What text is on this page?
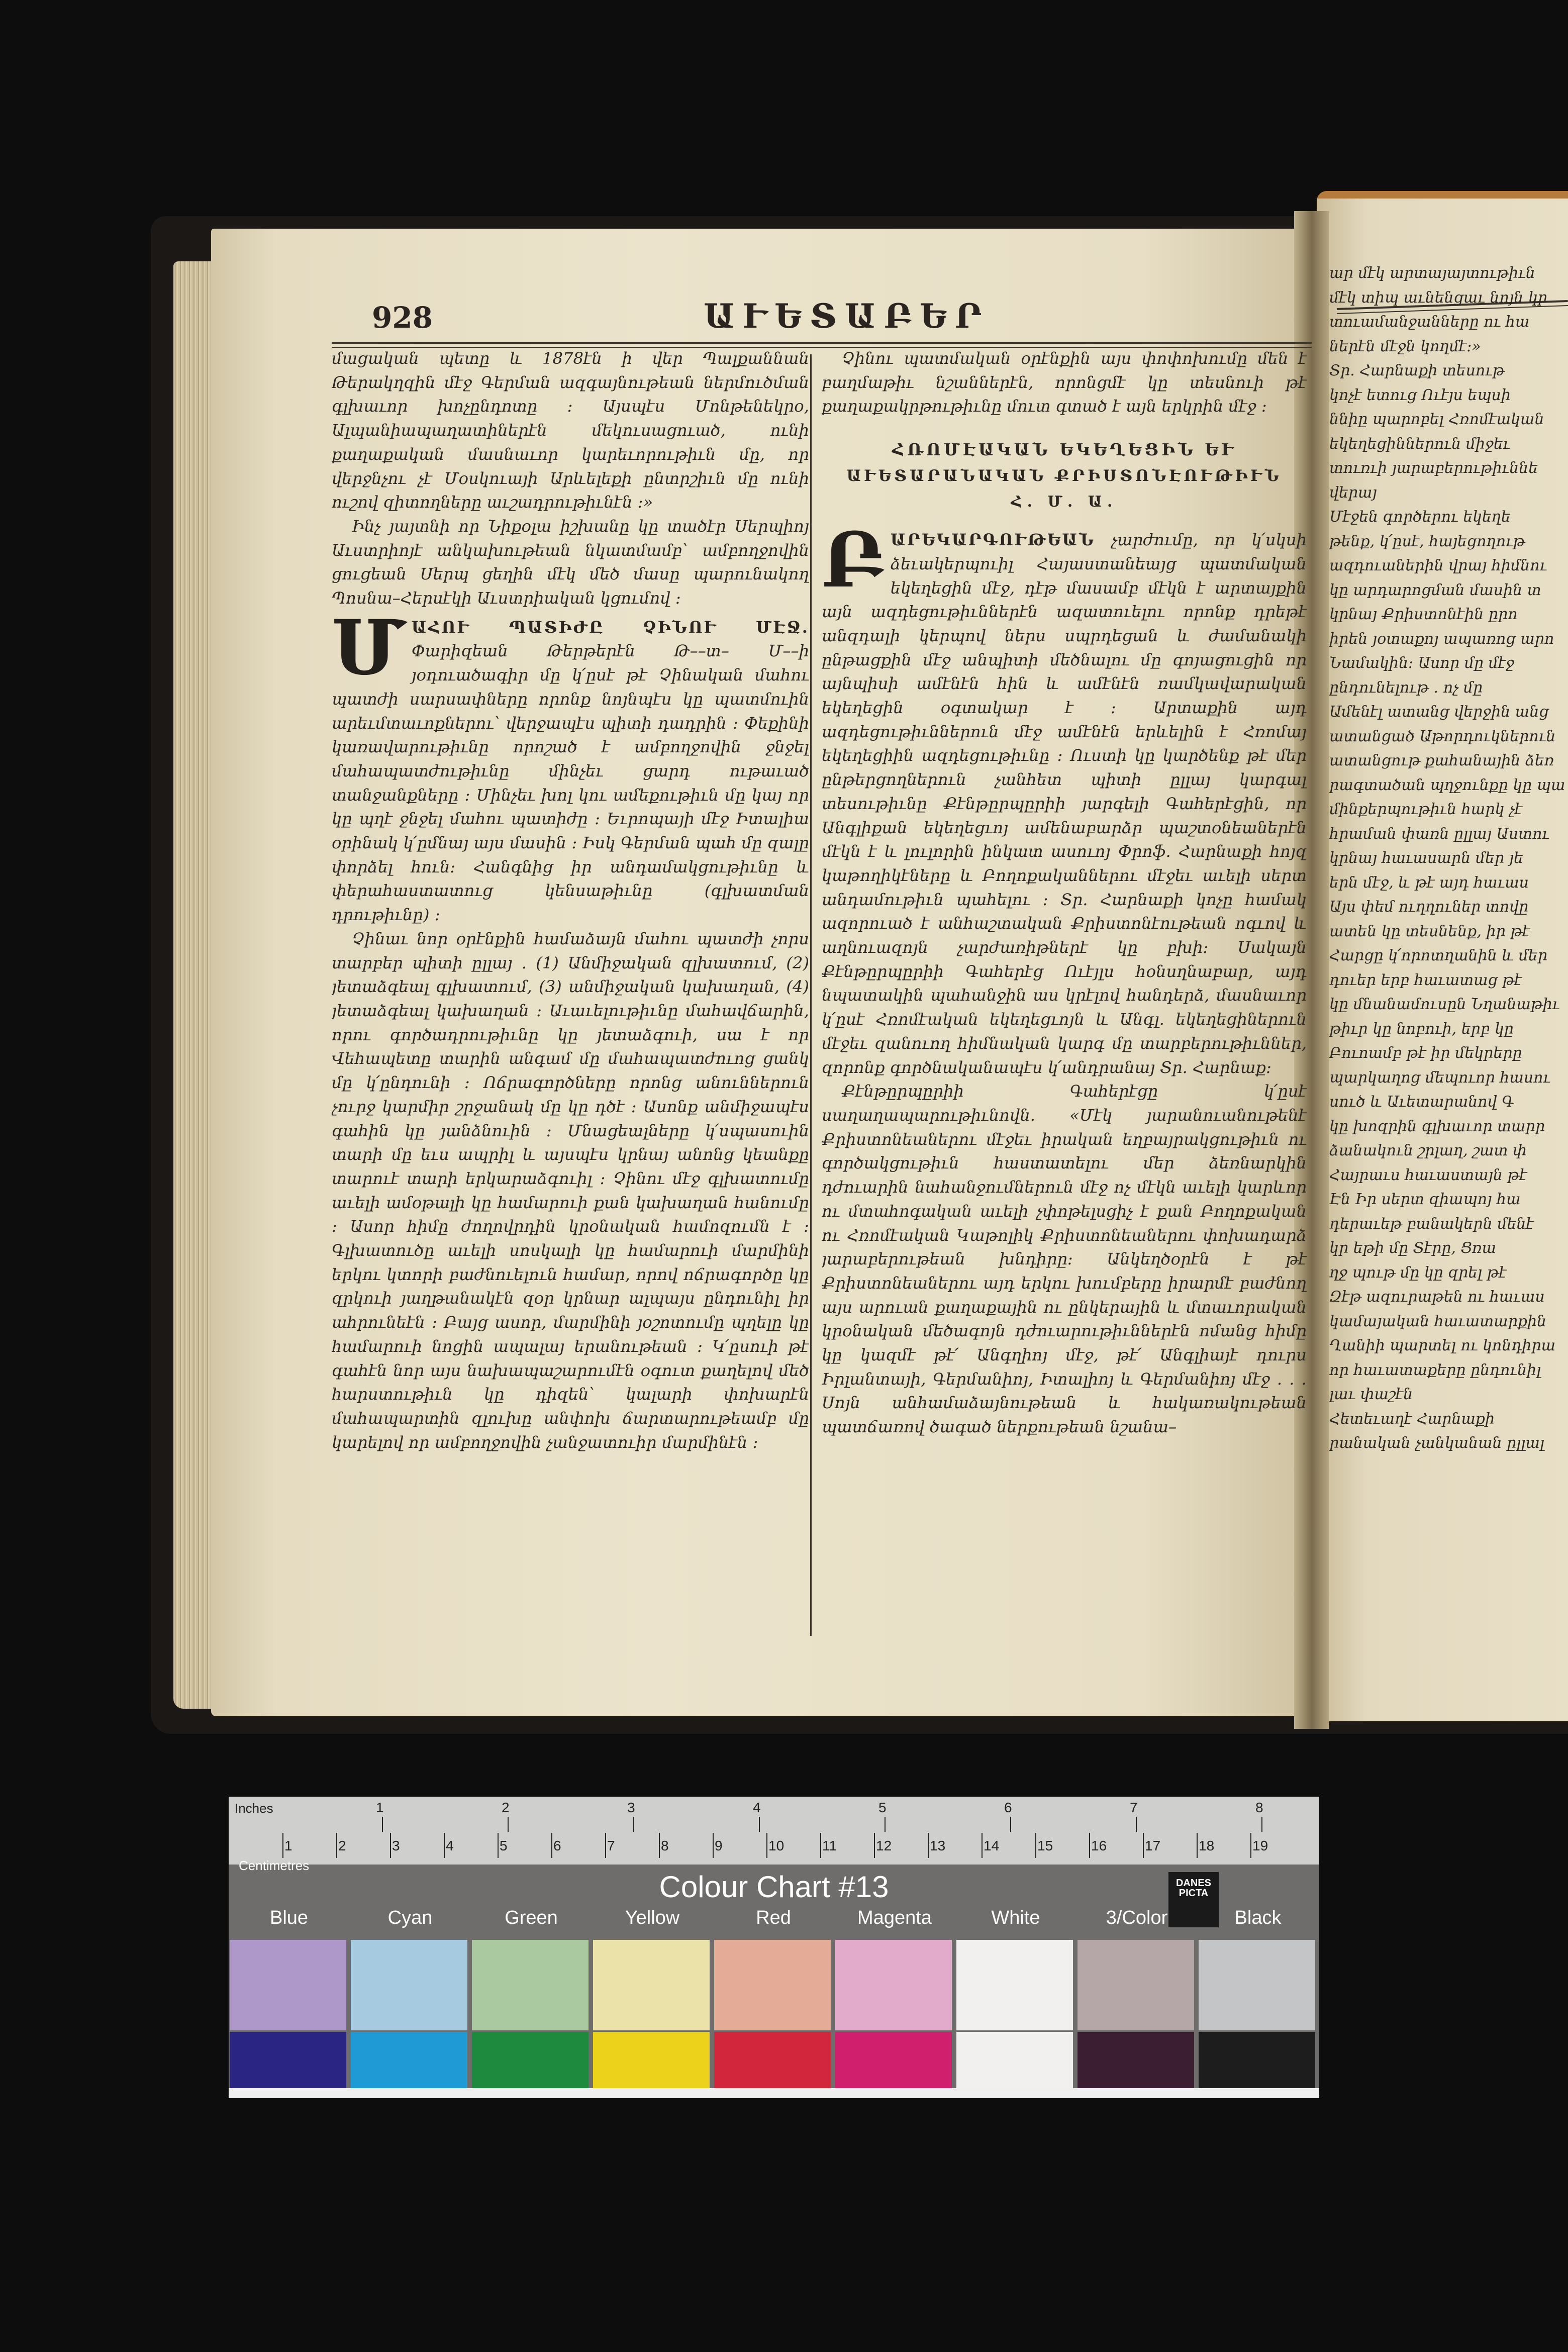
928	ԱՒԵՏԱԲԵՐ

մացական պետը և 1878էն ի վեր Պալքաննան Թերակղզին մէջ Գերման ազգայնութեան ներմուծման գլխաւոր խոչընդոտը ։ Այսպէս Մոնթենեկրօ, Ալպանիապաղատիներէն մեկուսացուած, ունի քաղաքական մասնաւոր կարեւորութիւն մը, որ վերջնչու չէ Մօսկուայի Արևելեքի ընտրշիւն մը ունի ուշով զիտողները աւշադրութիւնէն ։»

Ինչ յայտնի որ Նիքօլա իշխանը կը տածէր Սերպիոյ Աւստրիոյէ անկախութեան նկատմամբ՝ ամբողջովին ցուցեան Սերպ ցեղին մէկ մեծ մասը պարունակող Պոսնա–Հերսէկի Աւստրիական կցումով ։

Մ ԱՀՈՒ ՊԱՏԻԺԸ ՉԻՆՈՒ ՄԷՋ. Փարիզեան Թերթերէն Թ––տ– Մ––ի յօդուածագիր մը կ՛ըսէ թէ Չինական մահու պատժի սարսափները որոնք նոյնպէս կը պատմուին արեւմտաւոքներու՝ վերջապէս պիտի դադրին ։ Փեքինի կառավարութիւնը որոշած է ամբողջովին ջնջել մահապատժութիւնը մինչեւ ցարդ ութաւած տանջանքները ։ Մինչեւ խոլ կու ամեքութիւն մը կայ որ կը պղէ ջնջել մահու պատիժը ։ Եւրոպայի մէջ Իտալիա օրինակ կ՛ըմնայ այս մասին ։ Իսկ Գերման պահ մը զալը փորձել հուն։ Հանգնից իր անդամակցութիւնը և փերահաստատուց կենսաթիւնը (գլխատման դրութիւնը) ։

Չինաւ նոր օրէնքին համաձայն մահու պատժի չորս տարբեր պիտի ըլլայ ․ (1) Անմիջական զլխատում, (2) յետաձգեալ գլխատում, (3) անմիջական կախաղան, (4) յետաձգեալ կախաղան ։ Աւաւելութիւնը մահավճարին, որու գործադրութիւնը կը յետաձգուի, սա է որ Վեհապետը տարին անգամ մը մահապատժուոց ցանկ մը կ՛ընդունի ։ Ոճրագործները որոնց անուններուն չուրջ կարմիր շրջանակ մը կը դծէ ։ Ասոնք անմիջապէս գահին կը յանձնուին ։ Մնացեալները կ՛սպասուին տարի մը եւս ապրիլ և այսպէս կրնայ անոնց կեանքը տարուէ տարի երկարաձգուիլ ։ Չինու մէջ գլխատումը աւելի ամօթալի կը համարուի քան կախաղան հանումը ։ Ասոր հիմը ժողովրդին կրօնական համոզումն է ։ Գլխատուծը աւելի սոսկալի կը համարուի մարմինի երկու կտորի բաժնուելուն համար, որով ոճրագործը կը զրկուի յաղթանակէն զօր կրնար ալպայս ընդունիլ իր ահրունեէն ։ Բայց ասոր, մարմինի յօշոտումը պղելը կը համարուի նոցին ապալայ երանութեան ։ Կ՛ըսուի թէ գահէն նոր այս նախապաշարումէն օգուտ քաղելով մեծ հարստութիւն կը դիզեն՝ կալարի փոխարէն մահապարտին զլուխը անփոխ ճարտարութեամբ մը կարելով որ ամբողջովին չանջատուիր մարմինէն ։

Չինու պատմական օրէնքին այս փոփոխումը մեն է բաղմաթիւ նշաններէն, որոնցմէ կը տեսնուի թէ քաղաքակրթութիւնը մուտ գտած է այն երկրին մէջ ։

ՀՌՈՄԷԱԿԱՆ ԵԿԵՂԵՑԻՆ ԵՒ
ԱՒԵՏԱՐԱՆԱԿԱՆ ՔՐԻՍՏՈՆԷՈՒԹԻՒՆ
Հ. Մ. Ա.

Բ ԱՐԵԿԱՐԳՈՒԹԵԱՆ չարժումը, որ կ՛սկսի ձեւակերպուիլ Հայաստանեայց պատմական եկեղեցին մէջ, դէթ մասամբ մէկն է արտայքին այն ազդեցութիւններէն ազատուելու որոնք դրեթէ անզդալի կերպով ներս սպրդեցան և ժամանակի ընթացքին մէջ անպիտի մեծնալու մը գոյացուցին որ այնպիսի ամէնէն հին և ամէնէն ռամկավարական եկեղեցին օգտակար է ։ Արտաքին այդ ազդեցութիւններուն մէջ ամէնէն երևելին է Հռոմայ եկեղեցիին ազդեցութիւնը ։ Ուստի կը կարծենք թէ մեր ընթերցողներուն չանհետ պիտի ըլլայ կարգալ տեսութիւնը Քէնթըրպըրիի յարգելի Գահերէցին, որ Անգլիքան եկեղեցւոյ ամենաբարձր պաշտօնեաներէն մէկն է և լուլորին ինկատ ասուոյ Փրոֆ. Հարնաքի հոյզ կաթողիկէները և Բողոքականներու մէջեւ աւելի սերտ անդամութիւն պահելու ։ Տր. Հարնաքի կոչը համակ ազորուած է անհաշտական Քրիստոնէութեան ոգւով և աղնուազոյն չարժառիթներէ կը բխի։ Սակայն Քէնթըրպըրիի Գահերէց Ուէյլս հօնսղնաբար, այդ նպատակին պահանջին աս կրէլով հանդերձ, մասնաւոր կ՛ըսէ Հռոմէական եկեղեցւոյն և Անգլ. եկեղեցիներուն մէջեւ զանուող հիմնական կարգ մը տարբերութիւններ, զորոնք գործնականապէս կ՛անդրանայ Տր. Հարնաք։

Քէնթըրպըրիի Գահերէցը կ՛ըսէ սաղաղապարութիւնովն. «Մէկ յարանուանութենէ Քրիստոնեաներու մէջեւ իրական եղբայրակցութիւն ու գործակցութիւն հաստատելու մեր ձեռնարկին դժուարին նահանջումներուն մէջ ոչ մէկն աւելի կարևոր ու մտահոգական աւելի չփոթելսցիչ է քան Բողոքական ու Հռոմէական Կաթոլիկ Քրիստոնեաներու փոխադարձ յարաբերութեան խնդիրը։ Անկեղծօրէն է թէ Քրիստոնեաներու այդ երկու խումբերը իրարմէ բաժնող այս արուան քաղաքային ու ընկերային և մտաւորական կրօնական մեծագոյն դժուարութիւններէն ոմանց հիմը կը կազմէ թէ՛ Անգղիոյ մէջ, թէ՛ Անգլիայէ դուրս Իրլանտայի, Գերմանիոյ, Իտալիոյ և Գերմանիոյ մէջ ․ ․ ․ Սոյն անհամաձայնութեան և հակառակութեան պատճառով ծագած ներքութեան նշանա–

ար մէկ արտայայտութիւն
մէկ տիպ աւնենցաւ նոյն կր
տուամանջանները ու հա
ներէն մէջն կողմէ։»
Տր. Հարնաքի տեսութ
կոչէ ետուց Ուէյս եպսի
ննիը պարոբել Հռոմէական
եկեղեցիններուն միջեւ
տուռւի յարաբերութիւննե
վերայ
Մէջեն գործերու եկեղե
թենք, կ՛ըսէ, հայեցողութ
ազդուաներին վրայ հիմնու
կը արդարոցման մասին տ
կրնայ Քրիստոնէին ըրո
իրեն յօտաքոյ ապառոց արո
Նամակին։ Ասոր մը մէջ
ընդունելութ ․ ոչ մը
Ամենէլ ատանց վերջին անց
ատանցած Աթորդուկներուն
ատանցութ քահանային ձեռ
րագտածան պղջունքը կը պա
մինքերպութիւն հարկ չէ
հրաման փառն ըլլայ Աստու
կրնայ հաւասարն մեր յե
երն մէջ, և թէ այդ հաւաս
Այս փեմ ուղղուներ տովը
ատեն կը տեսնենք, իր թէ
Հարցը կ՛որոտղանին և մեր
դուեր երբ հաւատաց թէ
կը մնանամուսըն Նղանաթիւ
թիւր կը նոբուի, երբ կը
Բուոամբ թէ իր մեկրերը
պարկաղոց մեպուոր հասու
սուծ և Աւետարանով Գ
կը խոզրին գլխաւոր տարր
ձանակուն շրլաղ, շատ փ
Հայրաւս հաւաստայն թէ
Էն Իր սերտ զիապոյ հա
դերաւեթ բանակերն մենէ
կր եթի մը Տէրը, Ցռա
ղջ պութ մը կը զրել թէ
Զէթ ազուրաթեն ու հաւաս
կամայական հաւատարքին
Ղանիի պարտել ու կոնդիրա
որ հաւատաքերը ընդունիլ
լաւ փաշէն
Հետեւաղէ Հարնաքի
րանական չանկանան ըլլալ
Inches
Centimetres
1	2	3	4	5	6	7	8
1	2	3	4	5	6	7	8	9	10	11	12	13	14	15	16	17	18	19
Colour Chart #13	DANES PICTA
Blue	Cyan	Green	Yellow	Red	Magenta	White	3/Color	Black
